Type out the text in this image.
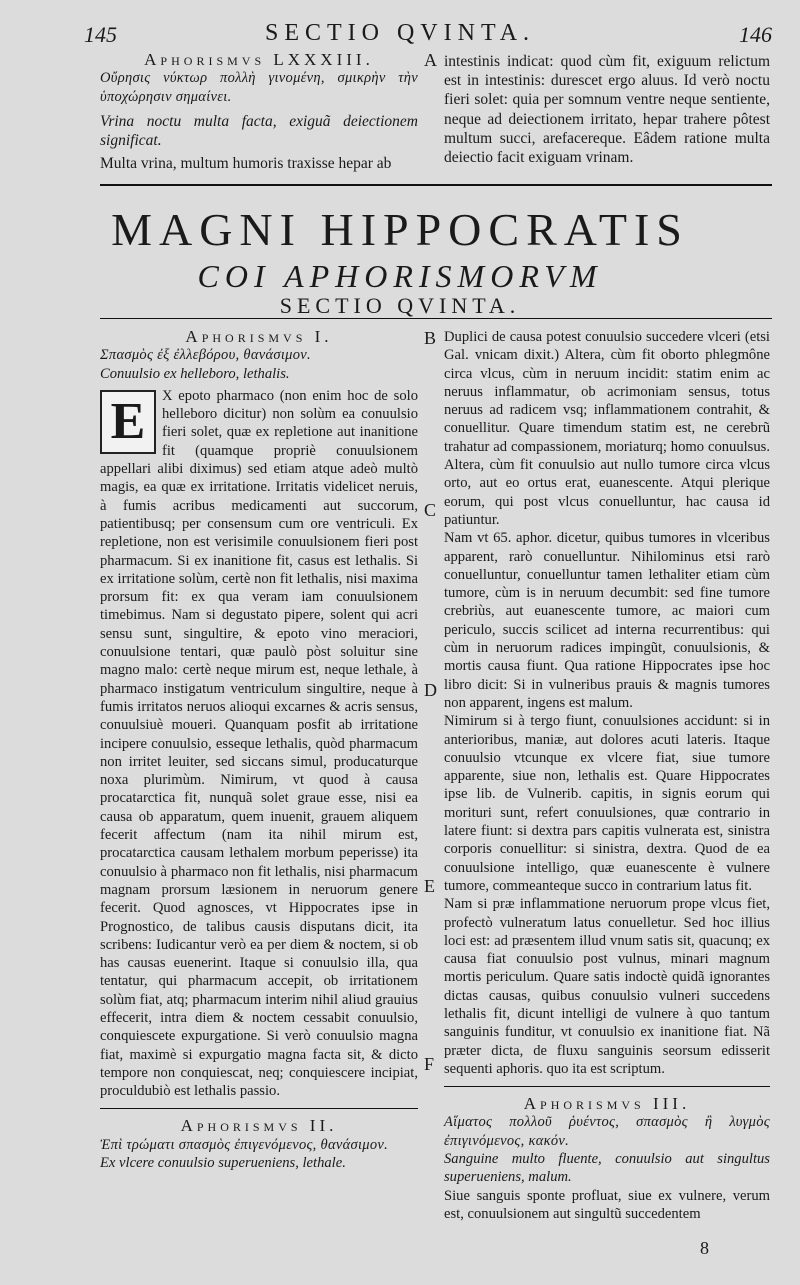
145	SECTIO QVINTA.	146

Aphorismvs LXXXIII.

Οὔρησις νύκτωρ πολλὴ γινομένη, σμικρὴν τὴν ὑποχώρησιν σημαίνει.

Vrina noctu multa facta, exiguã deiectionem significat.

Multa vrina, multum humoris traxisse hepar ab

A intestinis indicat: quod cùm fit, exiguum relictum est in intestinis: durescet ergo aluus. Id verò noctu fieri solet: quia per somnum ventre neque sentiente, neque ad deiectionem irritato, hepar trahere pôtest multum succi, arefacereque. Eâdem ratione multa deiectio facit exiguam vrinam.

MAGNI HIPPOCRATIS
COI APHORISMORVM
SECTIO QVINTA.

Aphorismvs I.

Σπασμὸς ἐξ ἐλλεβόρου, θανάσιμον.

Conuulsio ex helleboro, lethalis.

E	X epoto pharmaco (non enim hoc de solo helleboro dicitur) non solùm ea conuulsio fieri solet, quæ ex repletione aut inanitione fit (quamque propriè conuulsionem appellari alibi diximus) sed etiam atque adeò multò magis, ea quæ ex irritatione. Irritatis videlicet neruis, à fumis acribus medicamenti aut succorum, patientibusq; per consensum cum ore ventriculi. Ex repletione, non est verisimile conuulsionem fieri post pharmacum. Si ex inanitione fit, casus est lethalis. Si ex irritatione solùm, certè non fit lethalis, nisi maxima prorsum fit: ex qua veram iam conuulsionem timebimus. Nam si degustato pipere, solent qui acri sensu sunt, singultire, & epoto vino meraciori, conuulsione tentari, quæ paulò pòst soluitur sine magno malo: certè neque mirum est, neque lethale, à pharmaco instigatum ventriculum singultire, neque à fumis irritatos neruos alioqui excarnes & acris sensus, conuulsiuè moueri. Quanquam posfit ab irritatione incipere conuulsio, esseque lethalis, quòd pharmacum non irritet leuiter, sed siccans simul, producaturque noxa plurimùm. Nimirum, vt quod à causa procatarctica fit, nunquã solet graue esse, nisi ea causa ob apparatum, quem inuenit, grauem aliquem fecerit affectum (nam ita nihil mirum est, procatarctica causam lethalem morbum peperisse) ita conuulsio à pharmaco non fit lethalis, nisi pharmacum magnam prorsum læsionem in neruorum genere fecerit. Quod agnosces, vt Hippocrates ipse in Prognostico, de talibus causis disputans dicit, ita scribens: Iudicantur verò ea per diem & noctem, si ob has causas euenerint. Itaque si conuulsio illa, qua tentatur, qui pharmacum accepit, ob irritationem solùm fiat, atq; pharmacum interim nihil aliud grauius effecerit, intra diem & noctem cessabit conuulsio, conquiescete expurgatione. Si verò conuulsio magna fiat, maximè si expurgatio magna facta sit, & dicto tempore non conquiescat, neq; conquiescere incipiat, proculdubiò est lethalis passio.

Aphorismvs II.

Ἐπὶ τρώματι σπασμὸς ἐπιγενόμενος, θανάσιμον.

Ex vlcere conuulsio superueniens, lethale.

B
C
D
E
F

Duplici de causa potest conuulsio succedere vlceri (etsi Gal. vnicam dixit.) Altera, cùm fit oborto phlegmône circa vlcus, cùm in neruum incidit: statim enim ac neruus inflammatur, ob acrimoniam sensus, totus neruus ad radicem vsq; inflammationem contrahit, & conuellitur. Quare timendum statim est, ne cerebrũ trahatur ad compassionem, moriaturq; homo conuulsus. Altera, cùm fit conuulsio aut nullo tumore circa vlcus orto, aut eo ortus erat, euanescente. Atqui plerique eorum, qui post vlcus conuelluntur, hac causa id patiuntur.

Nam vt 65. aphor. dicetur, quibus tumores in vlceribus apparent, rarò conuelluntur. Nihilominus etsi rarò conuelluntur, conuelluntur tamen lethaliter etiam cùm tumore, cùm is in neruum decumbit: sed fine tumore crebriùs, aut euanescente tumore, ac maiori cum periculo, succis scilicet ad interna recurrentibus: qui cùm in neruorum radices impingũt, conuulsionis, & mortis causa fiunt. Qua ratione Hippocrates ipse hoc libro dicit: Si in vulneribus prauis & magnis tumores non apparent, ingens est malum.

Nimirum si à tergo fiunt, conuulsiones accidunt: si in anterioribus, maniæ, aut dolores acuti lateris. Itaque conuulsio vtcunque ex vlcere fiat, siue tumore apparente, siue non, lethalis est. Quare Hippocrates ipse lib. de Vulnerib. capitis, in signis eorum qui morituri sunt, refert conuulsiones, quæ contrario in latere fiunt: si dextra pars capitis vulnerata est, sinistra corporis conuellitur: si sinistra, dextra. Quod de ea conuulsione intelligo, quæ euanescente è vulnere tumore, commeanteque succo in contrarium latus fit.

Nam si præ inflammatione neruorum prope vlcus fiet, profectò vulneratum latus conuelletur. Sed hoc illius loci est: ad præsentem illud vnum satis sit, quacunq; ex causa fiat conuulsio post vulnus, minari magnum mortis periculum. Quare satis indoctè quidã ignorantes dictas causas, quibus conuulsio vulneri succedens lethalis fit, dicunt intelligi de vulnere à quo tantum sanguinis funditur, vt conuulsio ex inanitione fiat. Nã præter dicta, de fluxu sanguinis seorsum edisserit sequenti aphoris. quo ita est scriptum.

Aphorismvs III.

Αἵματος πολλοῦ ῥυέντος, σπασμὸς ἢ λυγμὸς ἐπιγινόμενος, κακόν.

Sanguine multo fluente, conuulsio aut singultus superueniens, malum.

Siue sanguis sponte profluat, siue ex vulnere, verum est, conuulsionem aut singultũ succedentem

8
